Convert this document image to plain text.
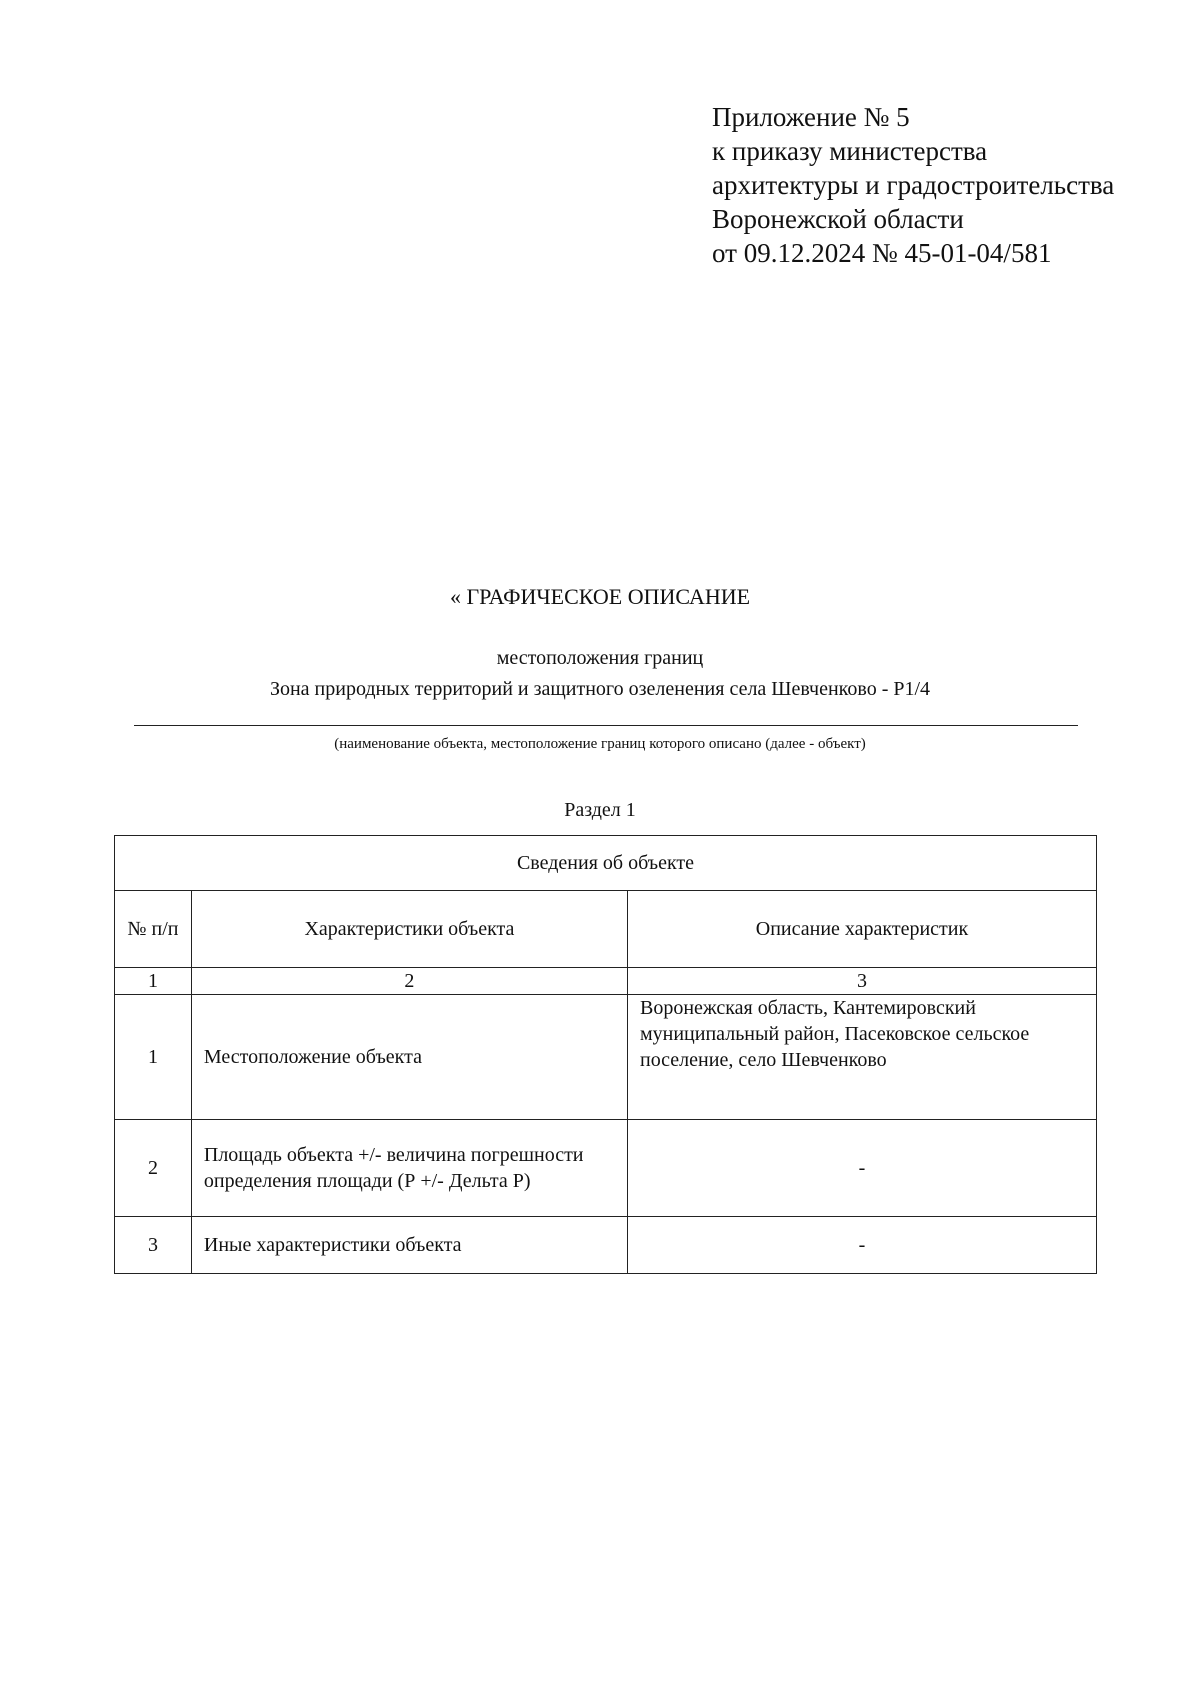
Приложение № 5
к приказу министерства
архитектуры и градостроительства
Воронежской области
от 09.12.2024 № 45-01-04/581
« ГРАФИЧЕСКОЕ ОПИСАНИЕ
местоположения границ
Зона природных территорий и защитного озеленения села Шевченково - Р1/4
(наименование объекта, местоположение границ которого описано (далее - объект)
Раздел 1
Сведения об объекте		
№ п/п	Характеристики объекта	Описание характеристик
1	2	3
1	Местоположение объекта	Воронежская область, Кантемировский муниципальный район, Пасековское сельское поселение, село Шевченково
2	Площадь объекта +/- величина погрешности определения площади (Р +/- Дельта Р)	-
3	Иные характеристики объекта	-
